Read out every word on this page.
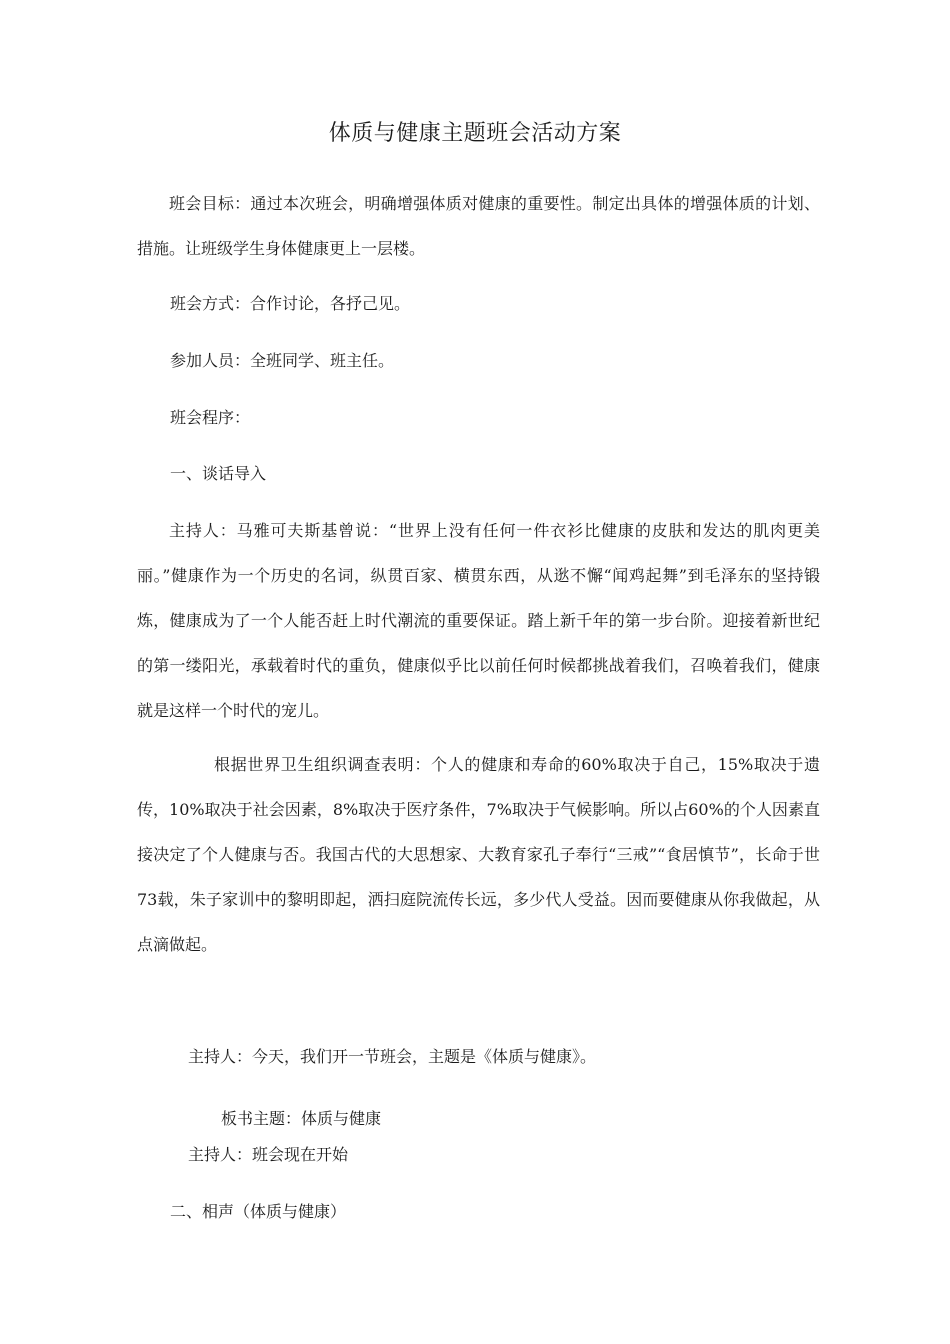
体质与健康主题班会活动方案

班会目标：通过本次班会，明确增强体质对健康的重要性。制定出具体的增强体质的计划、措施。让班级学生身体健康更上一层楼。

班会方式：合作讨论，各抒己见。

参加人员：全班同学、班主任。

班会程序：

一、谈话导入

主持人：马雅可夫斯基曾说：“世界上没有任何一件衣衫比健康的皮肤和发达的肌肉更美丽。”健康作为一个历史的名词，纵贯百家、横贯东西，从逖不懈“闻鸡起舞”到毛泽东的坚持锻炼，健康成为了一个人能否赶上时代潮流的重要保证。踏上新千年的第一步台阶。迎接着新世纪的第一缕阳光，承载着时代的重负，健康似乎比以前任何时候都挑战着我们，召唤着我们，健康就是这样一个时代的宠儿。

根据世界卫生组织调查表明：个人的健康和寿命的60%取决于自己，15%取决于遗传，10%取决于社会因素，8%取决于医疗条件，7%取决于气候影响。所以占60%的个人因素直接决定了个人健康与否。我国古代的大思想家、大教育家孔子奉行“三戒”“食居慎节”，长命于世73载，朱子家训中的黎明即起，洒扫庭院流传长远，多少代人受益。因而要健康从你我做起，从点滴做起。

主持人：今天，我们开一节班会，主题是《体质与健康》。

板书主题：体质与健康

主持人：班会现在开始

二、相声（体质与健康）
